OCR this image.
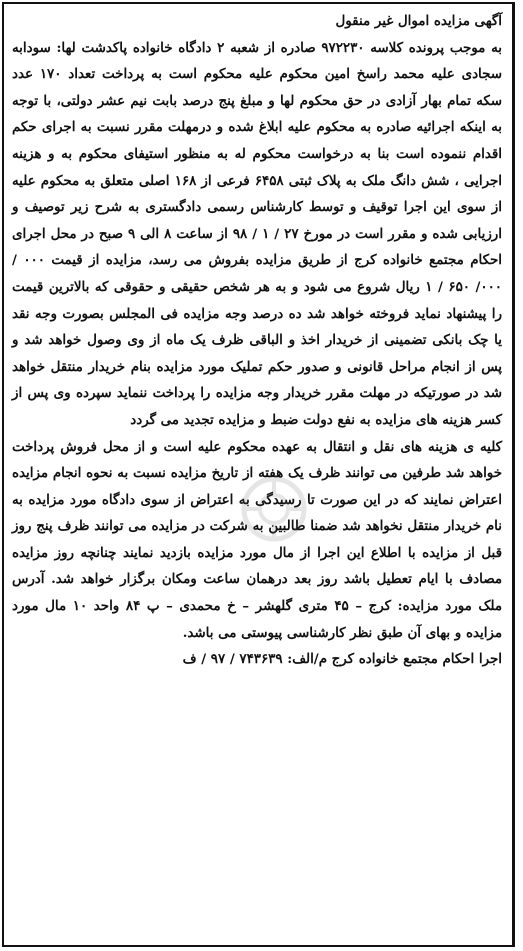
آگهی مزایده اموال غیر منقول

به موجب پرونده کلاسه ۹۷۲۲۳۰ صادره از شعبه ۲ دادگاه خانواده پاکدشت لها: سودابه سجادی علیه محمد راسخ امین محکوم علیه محکوم است به پرداخت تعداد ۱۷۰ عدد سکه تمام بهار آزادی در حق محکوم لها و مبلغ پنج درصد بابت نیم عشر دولتی، با توجه به اینکه اجرائیه صادره به محکوم علیه ابلاغ شده و درمهلت مقرر نسبت به اجرای حکم اقدام ننموده است بنا به درخواست محکوم له به منظور استیفای محکوم به و هزینه اجرایی ، شش دانگ ملک به پلاک ثبتی ۶۴۵۸ فرعی از ۱۶۸ اصلی متعلق به محکوم علیه از سوی این اجرا توقیف و توسط کارشناس رسمی دادگستری به شرح زیر توصیف و ارزیابی شده و مقرر است در مورخ ۲۷ / ۱ / ۹۸ از ساعت ۸ الی ۹ صبح در محل اجرای احکام مجتمع خانواده کرج از طریق مزایده بفروش می رسد، مزایده از قیمت ۰۰۰ / ۰۰۰/ ۶۵۰ / ۱ ریال شروع می شود و به هر شخص حقیقی و حقوقی که بالاترین قیمت را پیشنهاد نماید فروخته خواهد شد ده درصد وجه مزایده فی المجلس بصورت وجه نقد یا چک بانکی تضمینی از خریدار اخذ و الباقی ظرف یک ماه از وی وصول خواهد شد و پس از انجام مراحل قانونی و صدور حکم تملیک مورد مزایده بنام خریدار منتقل خواهد شد در صورتیکه در مهلت مقرر خریدار وجه مزایده را پرداخت ننماید سپرده وی پس از کسر هزینه های مزایده به نفع دولت ضبط و مزایده تجدید می گردد

کلیه ی هزینه های نقل و انتقال به عهده محکوم علیه است و از محل فروش پرداخت خواهد شد طرفین می توانند ظرف یک هفته از تاریخ مزایده نسبت به نحوه انجام مزایده اعتراض نمایند که در این صورت تا رسیدگی به اعتراض از سوی دادگاه مورد مزایده به نام خریدار منتقل نخواهد شد ضمنا طالبین به شرکت در مزایده می توانند ظرف پنج روز قبل از مزایده با اطلاع این اجرا از مال مورد مزایده بازدید نمایند چنانچه روز مزایده مصادف با ایام تعطیل باشد روز بعد درهمان ساعت ومکان برگزار خواهد شد. آدرس ملک مورد مزایده: کرج – ۴۵ متری گلهشر – خ محمدی – پ ۸۴ واحد ۱۰ مال مورد مزایده و بهای آن طبق نظر کارشناسی پیوستی می باشد.

اجرا احکام مجتمع خانواده کرج م/الف: ۷۴۳۶۳۹ / ۹۷ / ف
